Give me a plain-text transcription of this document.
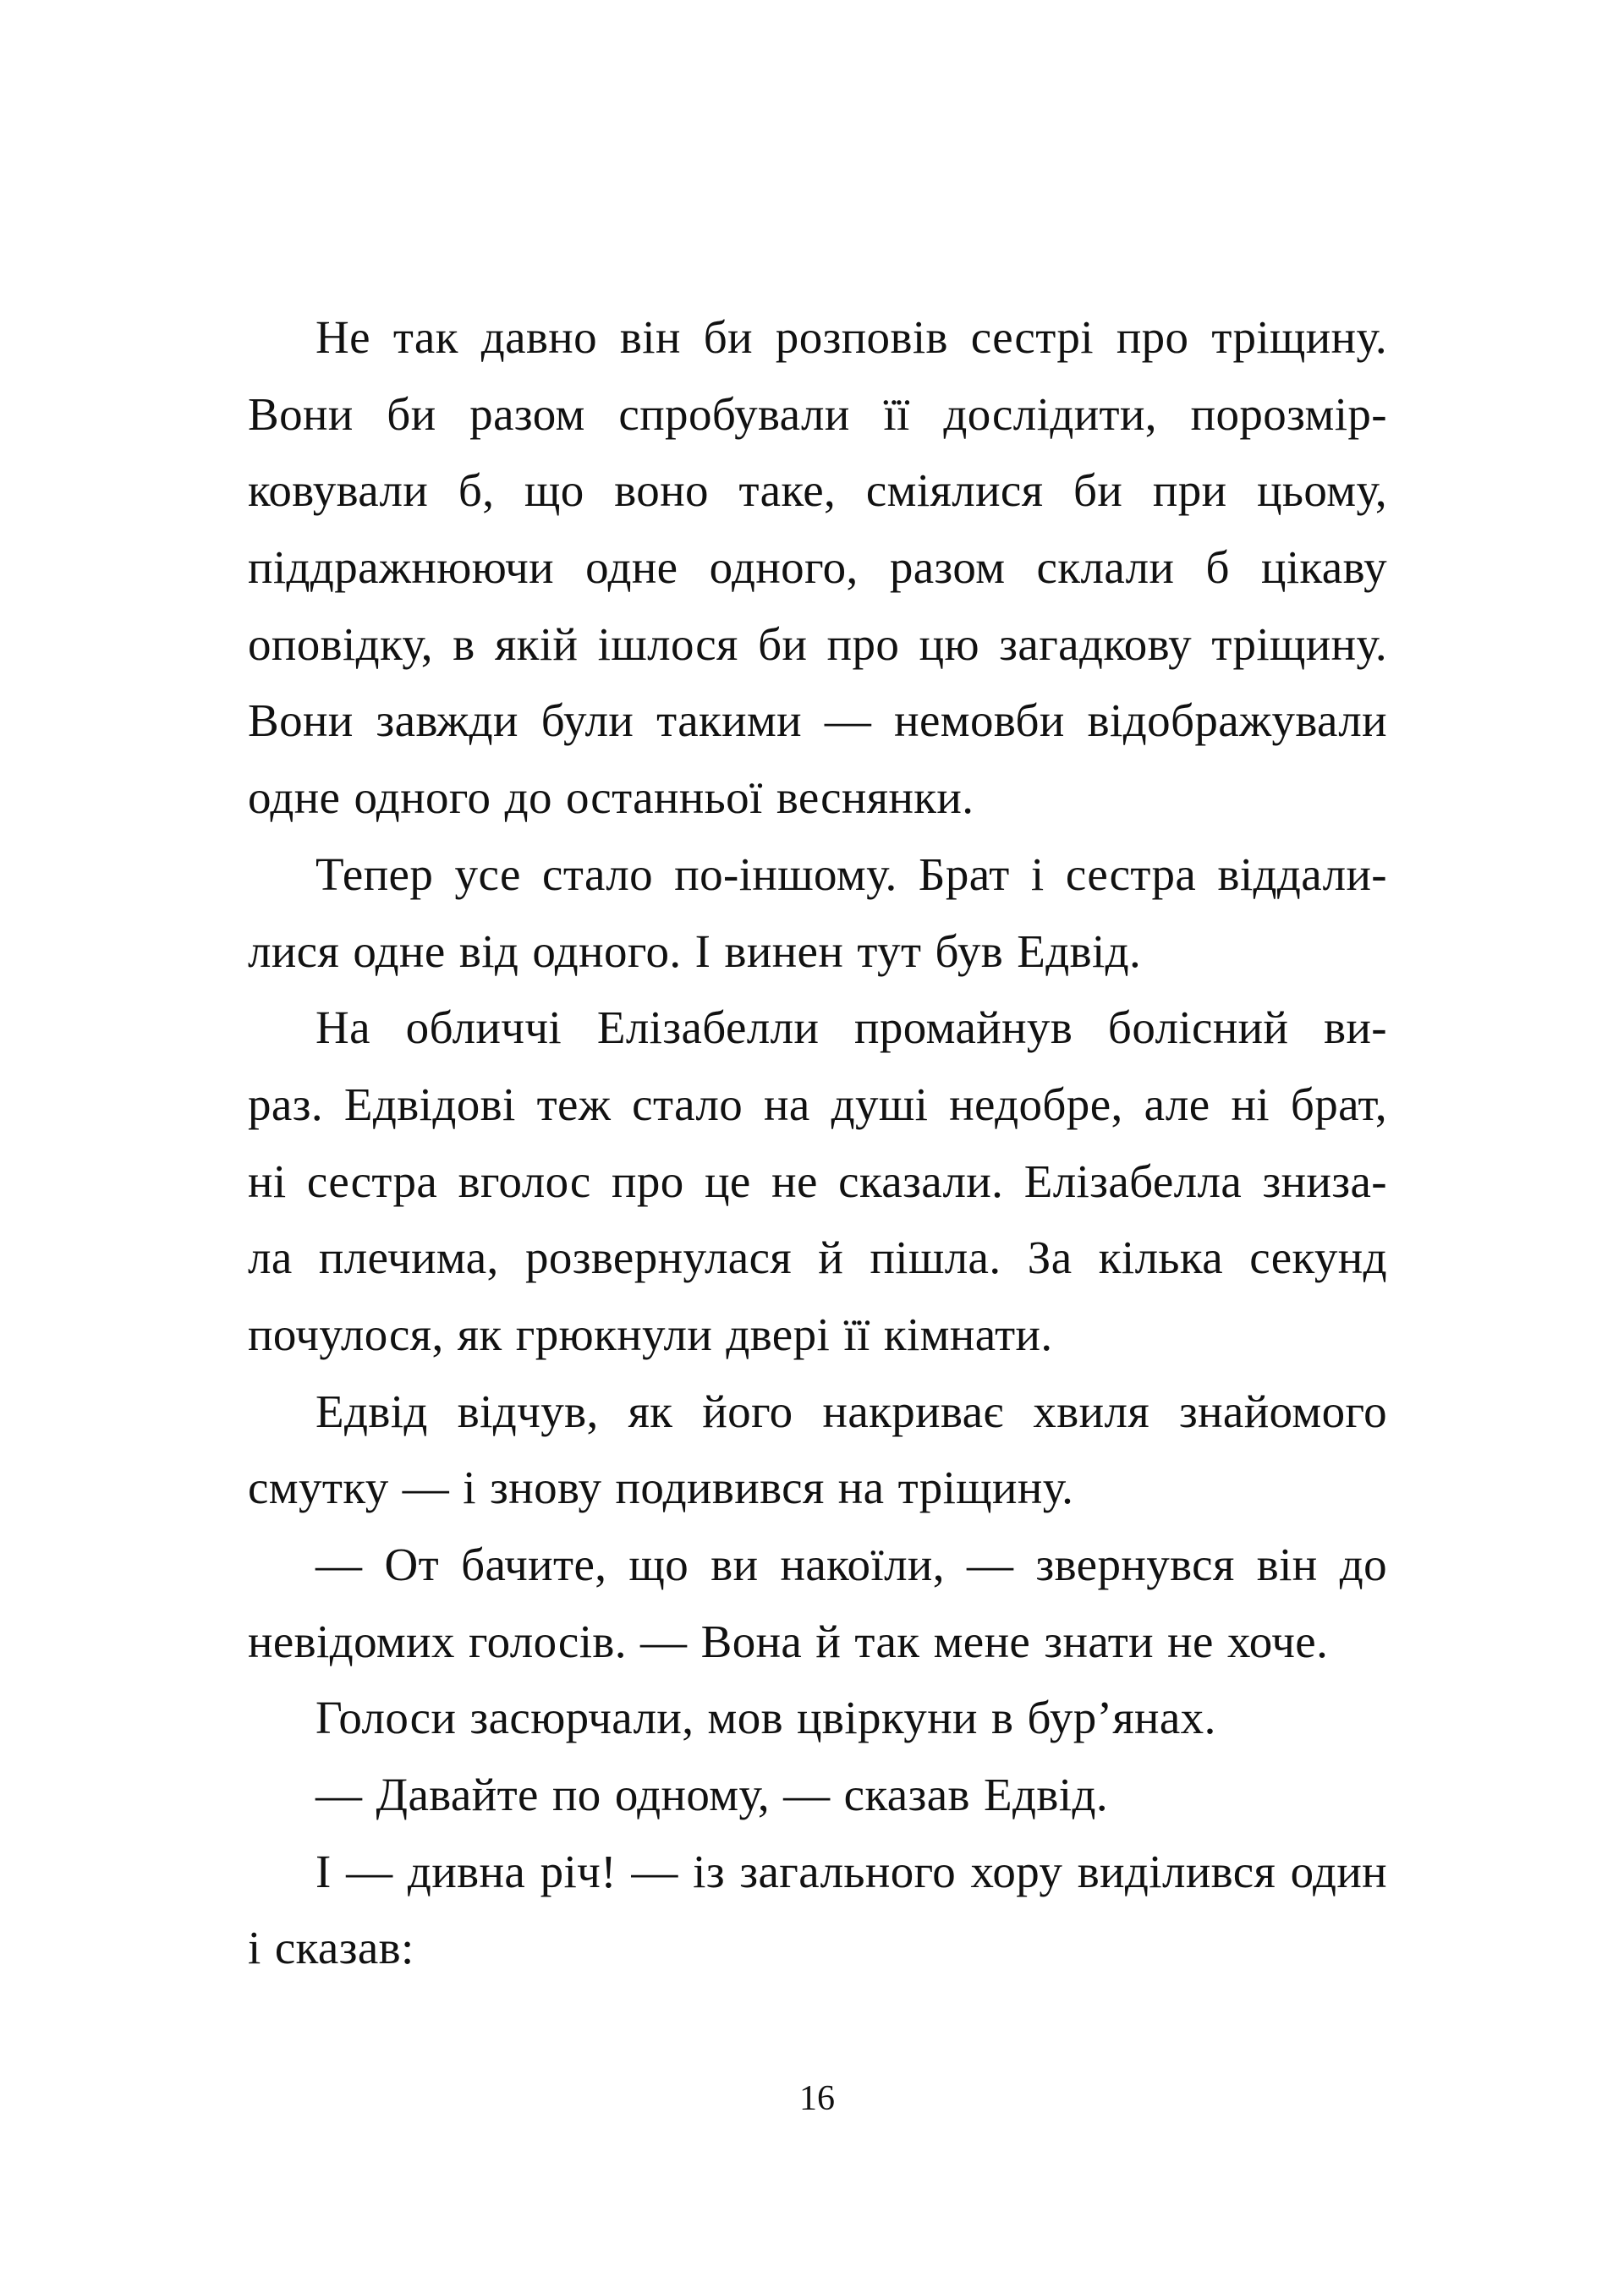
Не так давно він би розповів сестрі про тріщину.
Вони би разом спробували її дослідити, порозмір-
ковували б, що воно таке, сміялися би при цьому,
піддражнюючи одне одного, разом склали б цікаву
оповідку, в якій ішлося би про цю загадкову тріщину.
Вони завжди були такими — немовби відображували
одне одного до останньої веснянки.
Тепер усе стало по-іншому. Брат і сестра віддали-
лися одне від одного. І винен тут був Едвід.
На обличчі Елізабелли промайнув болісний ви-
раз. Едвідові теж стало на душі недобре, але ні брат,
ні сестра вголос про це не сказали. Елізабелла зниза-
ла плечима, розвернулася й пішла. За кілька секунд
почулося, як грюкнули двері її кімнати.
Едвід відчув, як його накриває хвиля знайомого
смутку — і знову подивився на тріщину.
— От бачите, що ви накоїли, — звернувся він до
невідомих голосів. — Вона й так мене знати не хоче.
Голоси засюрчали, мов цвіркуни в бур’янах.
— Давайте по одному, — сказав Едвід.
І — дивна річ! — із загального хору виділився один
і сказав:
16
